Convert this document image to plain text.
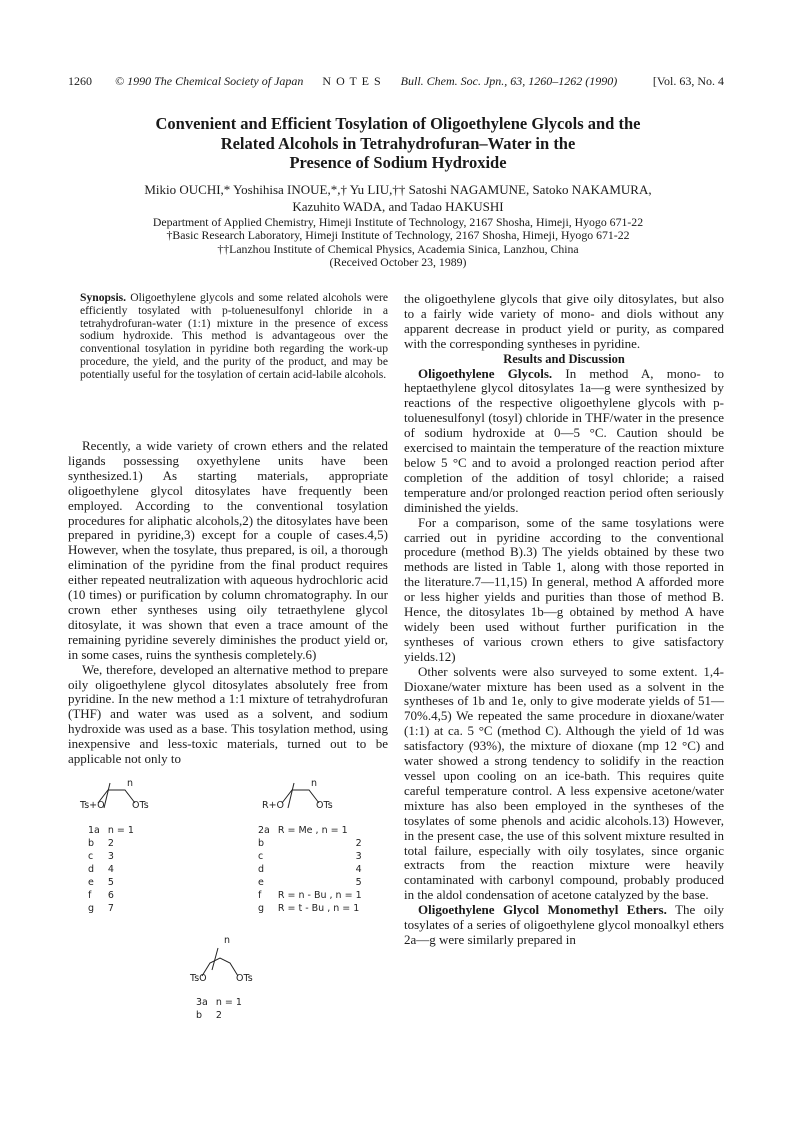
1260 © 1990 The Chemical Society of Japan N O T E S Bull. Chem. Soc. Jpn., 63, 1260–1262 (1990)	[Vol. 63, No. 4
Convenient and Efficient Tosylation of Oligoethylene Glycols and the
Related Alcohols in Tetrahydrofuran–Water in the
Presence of Sodium Hydroxide
Mikio OUCHI,* Yoshihisa INOUE,*,† Yu LIU,†† Satoshi NAGAMUNE, Satoko NAKAMURA,
Kazuhito WADA, and Tadao HAKUSHI
Department of Applied Chemistry, Himeji Institute of Technology, 2167 Shosha, Himeji, Hyogo 671-22
†Basic Research Laboratory, Himeji Institute of Technology, 2167 Shosha, Himeji, Hyogo 671-22
††Lanzhou Institute of Chemical Physics, Academia Sinica, Lanzhou, China
(Received October 23, 1989)
Synopsis. Oligoethylene glycols and some related alcohols were efficiently tosylated with p-toluenesulfonyl chloride in a tetrahydrofuran-water (1:1) mixture in the presence of excess sodium hydroxide. This method is advantageous over the conventional tosylation in pyridine both regarding the work-up procedure, the yield, and the purity of the product, and may be potentially useful for the tosylation of certain acid-labile alcohols.

Recently, a wide variety of crown ethers and the related ligands possessing oxyethylene units have been synthesized.1) As starting materials, appropriate oligoethylene glycol ditosylates have frequently been employed. According to the conventional tosylation procedures for aliphatic alcohols,2) the ditosylates have been prepared in pyridine,3) except for a couple of cases.4,5) However, when the tosylate, thus prepared, is oil, a thorough elimination of the pyridine from the final product requires either repeated neutralization with aqueous hydrochloric acid (10 times) or purification by column chromatography. In our crown ether syntheses using oily tetraethylene glycol ditosylate, it was shown that even a trace amount of the remaining pyridine severely diminishes the product yield or, in some cases, ruins the synthesis completely.6)

We, therefore, developed an alternative method to prepare oily oligoethylene glycol ditosylates absolutely free from pyridine. In the new method a 1:1 mixture of tetrahydrofuran (THF) and water was used as a solvent, and sodium hydroxide was used as a base. This tosylation method, using inexpensive and less-toxic materials, turned out to be applicable not only to

n
Ts+O	OTs
1a	n = 1
b	2
c	3
d	4
e	5
f	6
g	7
n
R+O	OTs
2a	R = Me , n = 1
b	2
c	3
d	4
e	5
f	R = n - Bu , n = 1
g	R = t - Bu , n = 1
n
TsO	OTs
3a	n = 1
b	2

the oligoethylene glycols that give oily ditosylates, but also to a fairly wide variety of mono- and diols without any apparent decrease in product yield or purity, as compared with the corresponding syntheses in pyridine.

Results and Discussion

Oligoethylene Glycols. In method A, mono- to heptaethylene glycol ditosylates 1a—g were synthesized by reactions of the respective oligoethylene glycols with p-toluenesulfonyl (tosyl) chloride in THF/water in the presence of sodium hydroxide at 0—5 °C. Caution should be exercised to maintain the temperature of the reaction mixture below 5 °C and to avoid a prolonged reaction period after completion of the addition of tosyl chloride; a raised temperature and/or prolonged reaction period often seriously diminished the yields.

For a comparison, some of the same tosylations were carried out in pyridine according to the conventional procedure (method B).3) The yields obtained by these two methods are listed in Table 1, along with those reported in the literature.7—11,15) In general, method A afforded more or less higher yields and purities than those of method B. Hence, the ditosylates 1b—g obtained by method A have widely been used without further purification in the syntheses of various crown ethers to give satisfactory yields.12)

Other solvents were also surveyed to some extent. 1,4-Dioxane/water mixture has been used as a solvent in the syntheses of 1b and 1e, only to give moderate yields of 51—70%.4,5) We repeated the same procedure in dioxane/water (1:1) at ca. 5 °C (method C). Although the yield of 1d was satisfactory (93%), the mixture of dioxane (mp 12 °C) and water showed a strong tendency to solidify in the reaction vessel upon cooling on an ice-bath. This requires quite careful temperature control. A less expensive acetone/water mixture has also been employed in the syntheses of the tosylates of some phenols and acidic alcohols.13) However, in the present case, the use of this solvent mixture resulted in total failure, especially with oily tosylates, since organic extracts from the reaction mixture were heavily contaminated with carbonyl compound, probably produced in the aldol condensation of acetone catalyzed by the base.

Oligoethylene Glycol Monomethyl Ethers. The oily tosylates of a series of oligoethylene glycol monoalkyl ethers 2a—g were similarly prepared in
